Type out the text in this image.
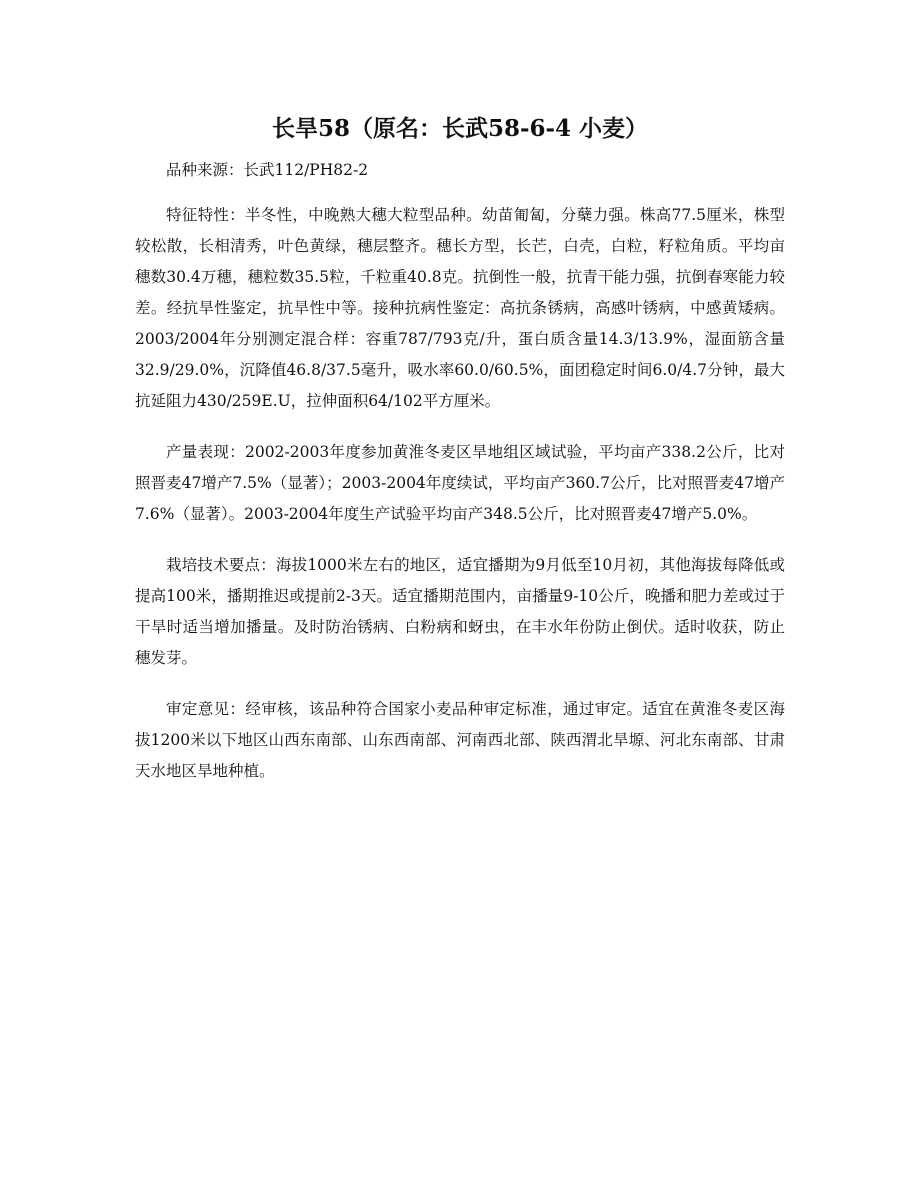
长旱58（原名：长武58-6-4 小麦）

品种来源：长武112/PH82-2

特征特性：半冬性，中晚熟大穗大粒型品种。幼苗匍匐，分蘖力强。株高77.5厘米，株型较松散，长相清秀，叶色黄绿，穗层整齐。穗长方型，长芒，白壳，白粒，籽粒角质。平均亩穗数30.4万穗，穗粒数35.5粒，千粒重40.8克。抗倒性一般，抗青干能力强，抗倒春寒能力较差。经抗旱性鉴定，抗旱性中等。接种抗病性鉴定：高抗条锈病，高感叶锈病，中感黄矮病。2003/2004年分别测定混合样：容重787/793克/升，蛋白质含量14.3/13.9%，湿面筋含量32.9/29.0%，沉降值46.8/37.5毫升，吸水率60.0/60.5%，面团稳定时间6.0/4.7分钟，最大抗延阻力430/259E.U，拉伸面积64/102平方厘米。

产量表现：2002-2003年度参加黄淮冬麦区旱地组区域试验，平均亩产338.2公斤，比对照晋麦47增产7.5%（显著）；2003-2004年度续试，平均亩产360.7公斤，比对照晋麦47增产7.6%（显著）。2003-2004年度生产试验平均亩产348.5公斤，比对照晋麦47增产5.0%。

栽培技术要点：海拔1000米左右的地区，适宜播期为9月低至10月初，其他海拔每降低或提高100米，播期推迟或提前2-3天。适宜播期范围内，亩播量9-10公斤，晚播和肥力差或过于干旱时适当增加播量。及时防治锈病、白粉病和蚜虫，在丰水年份防止倒伏。适时收获，防止穗发芽。

审定意见：经审核，该品种符合国家小麦品种审定标准，通过审定。适宜在黄淮冬麦区海拔1200米以下地区山西东南部、山东西南部、河南西北部、陕西渭北旱塬、河北东南部、甘肃天水地区旱地种植。
